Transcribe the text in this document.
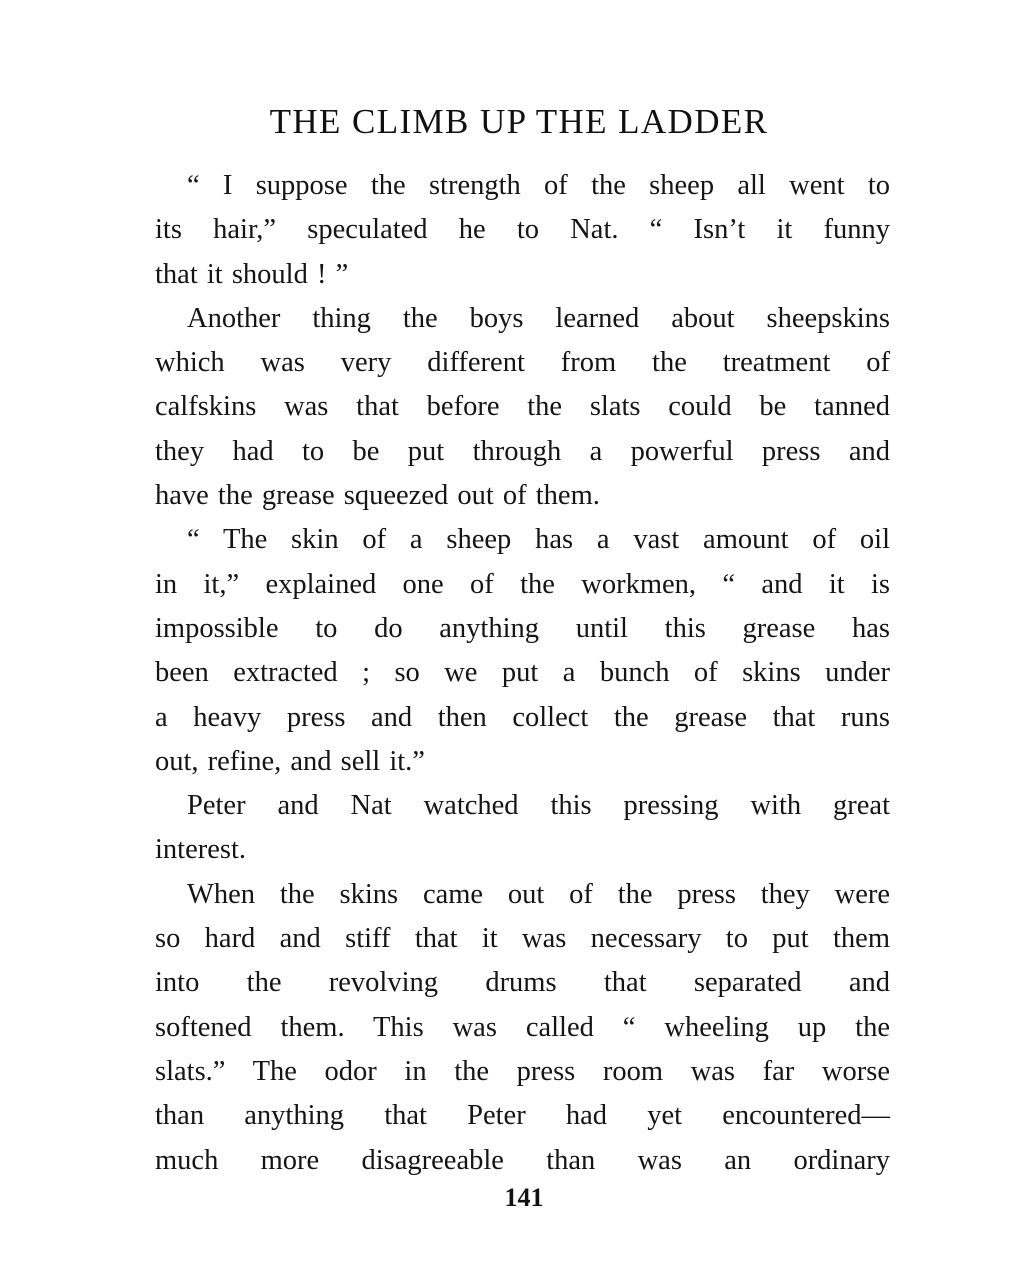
THE CLIMB UP THE LADDER
“ I suppose the strength of the sheep all went to
its hair,” speculated he to Nat. “ Isn’t it funny
that it should ! ”
Another thing the boys learned about sheepskins
which was very different from the treatment of
calfskins was that before the slats could be tanned
they had to be put through a powerful press and
have the grease squeezed out of them.
“ The skin of a sheep has a vast amount of oil
in it,” explained one of the workmen, “ and it is
impossible to do anything until this grease has
been extracted ; so we put a bunch of skins under
a heavy press and then collect the grease that runs
out, refine, and sell it.”
Peter and Nat watched this pressing with great
interest.
When the skins came out of the press they were
so hard and stiff that it was necessary to put them
into the revolving drums that separated and
softened them. This was called “ wheeling up the
slats.” The odor in the press room was far worse
than anything that Peter had yet encountered—
much more disagreeable than was an ordinary
141
